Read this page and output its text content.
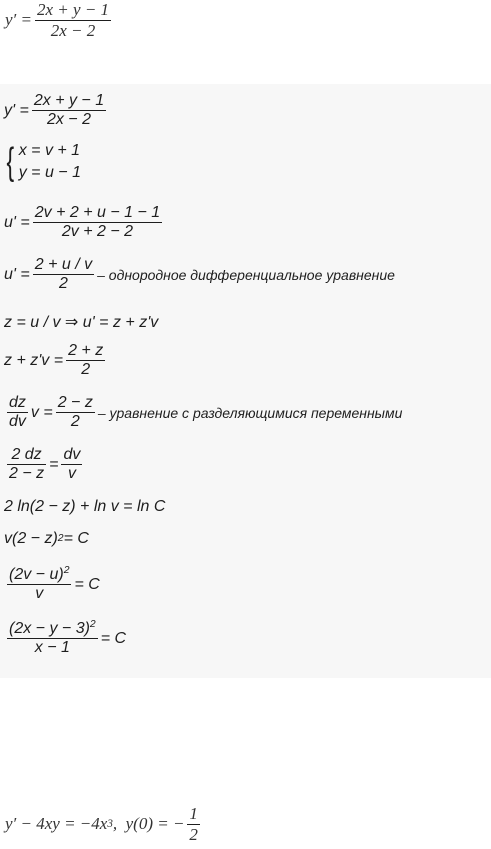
$y' = \frac{2x + y - 1}{2x - 2}$
$y' = \frac{2x + y - 1}{2x - 2}$
{ x = v + 1
y = u − 1
$u' = \frac{2v + 2 + u - 1 - 1}{2v + 2 - 2}$
$u' = \frac{2 + u / v}{2}$ – однородное дифференциальное уравнение
z = u / v ⇒ u' = z + z'v
$z + z'v = \frac{2 + z}{2}$
$\frac{dz}{dv}$ $v = \frac{2 - z}{2}$ – уравнение с разделяющимися переменными
$\frac{2 dz}{2 - z} = \frac{dv}{v}$
2 ln(2 − z) + ln v = ln C
v(2 − z) 2 = C
$\frac{(2v - u)^2}{v} = C$
$\frac{(2x - y - 3)^2}{x - 1} = C$
y′ − 4xy = −4x 3 ,  y(0) = − $\frac{1}{2}$
